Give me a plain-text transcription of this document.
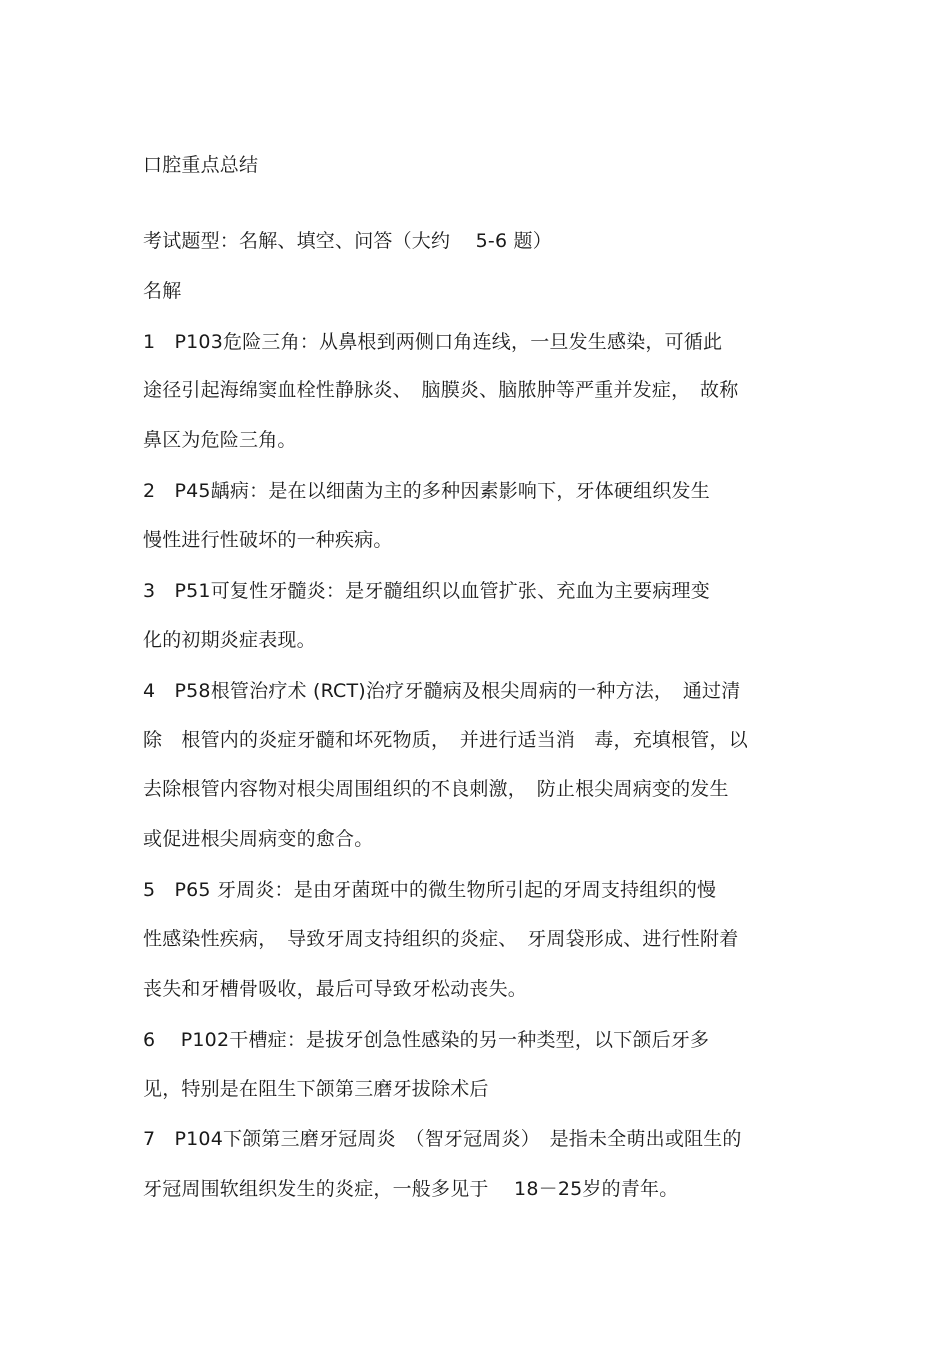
口腔重点总结
考试题型：名解、填空、问答（大约　 5-6 题）
名解
1　P103危险三角：从鼻根到两侧口角连线，一旦发生感染，可循此
途径引起海绵窦血栓性静脉炎、　脑膜炎、脑脓肿等严重并发症，　故称
鼻区为危险三角。
2　P45龋病：是在以细菌为主的多种因素影响下，牙体硬组织发生
慢性进行性破坏的一种疾病。
3　P51可复性牙髓炎：是牙髓组织以血管扩张、充血为主要病理变
化的初期炎症表现。
4　P58根管治疗术 (RCT)治疗牙髓病及根尖周病的一种方法，　通过清
除　根管内的炎症牙髓和坏死物质，　并进行适当消　毒，充填根管，以
去除根管内容物对根尖周围组织的不良刺激，　防止根尖周病变的发生
或促进根尖周病变的愈合。
5　P65 牙周炎：是由牙菌斑中的微生物所引起的牙周支持组织的慢
性感染性疾病，　导致牙周支持组织的炎症、　牙周袋形成、进行性附着
丧失和牙槽骨吸收，最后可导致牙松动丧失。
6　 P102干槽症：是拔牙创急性感染的另一种类型，以下颌后牙多
见，特别是在阻生下颌第三磨牙拔除术后
7　P104下颌第三磨牙冠周炎　（智牙冠周炎）　是指未全萌出或阻生的
牙冠周围软组织发生的炎症，一般多见于　 18－25岁的青年。
